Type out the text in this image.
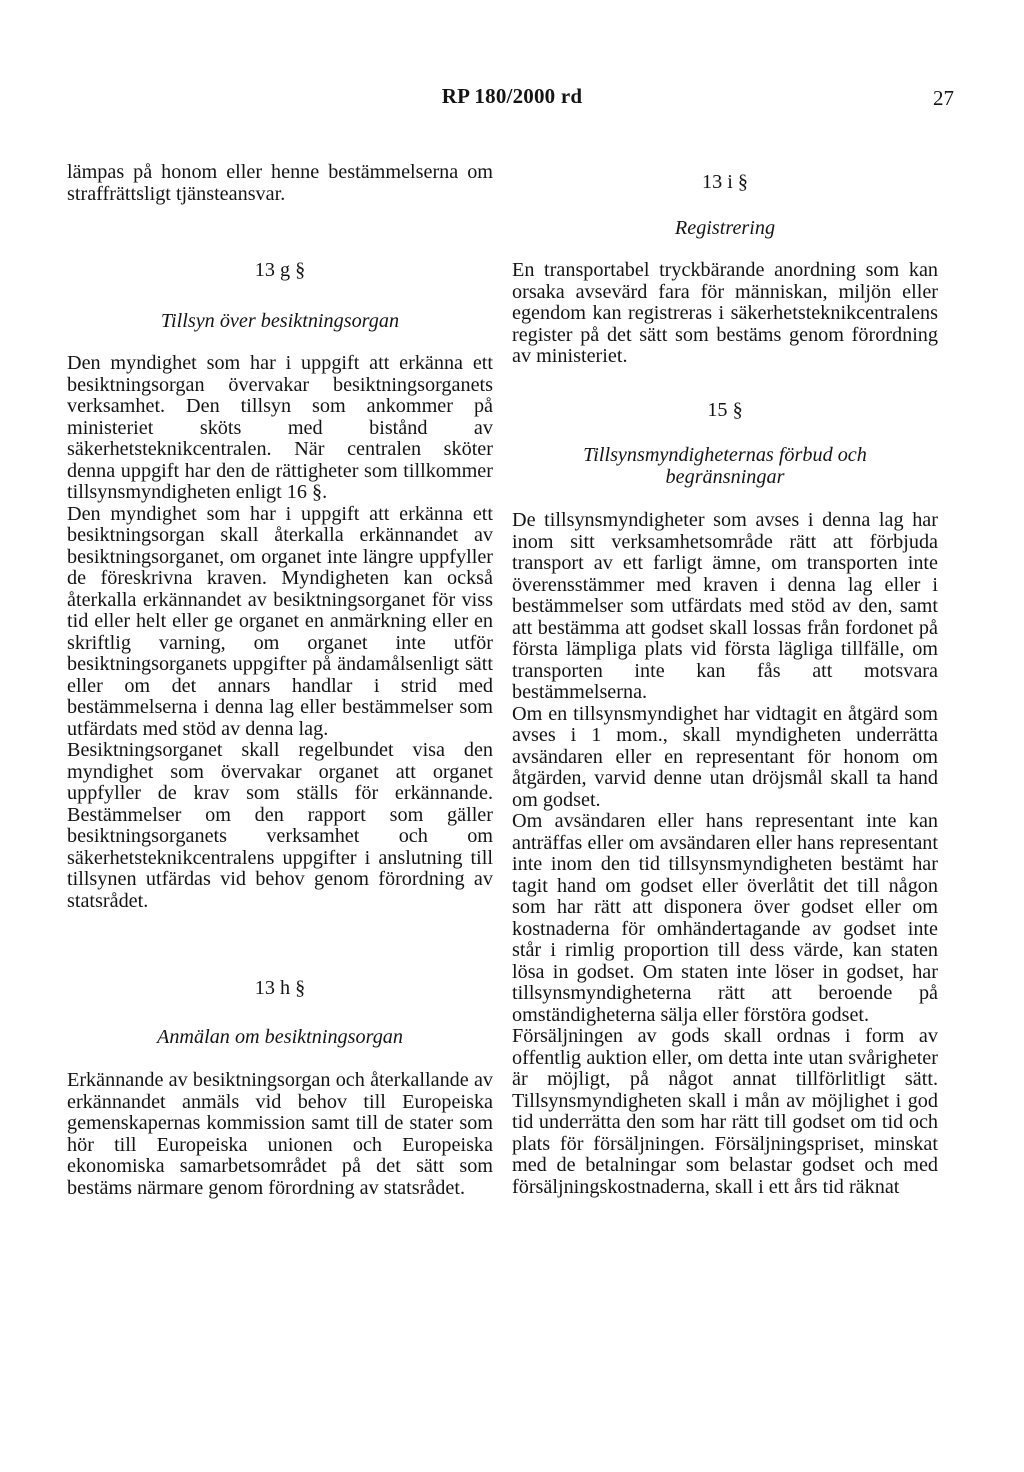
RP 180/2000 rd	27

lämpas på honom eller henne bestämmelserna om straffrättsligt tjänsteansvar.

13 g §

Tillsyn över besiktningsorgan

Den myndighet som har i uppgift att erkänna ett besiktningsorgan övervakar besiktningsorganets verksamhet. Den tillsyn som ankommer på ministeriet sköts med bistånd av säkerhetsteknikcentralen. När centralen sköter denna uppgift har den de rättigheter som tillkommer tillsynsmyndigheten enligt 16 §.

Den myndighet som har i uppgift att erkänna ett besiktningsorgan skall återkalla erkännandet av besiktningsorganet, om organet inte längre uppfyller de föreskrivna kraven. Myndigheten kan också återkalla erkännandet av besiktningsorganet för viss tid eller helt eller ge organet en anmärkning eller en skriftlig varning, om organet inte utför besiktningsorganets uppgifter på ändamålsenligt sätt eller om det annars handlar i strid med bestämmelserna i denna lag eller bestämmelser som utfärdats med stöd av denna lag.

Besiktningsorganet skall regelbundet visa den myndighet som övervakar organet att organet uppfyller de krav som ställs för erkännande. Bestämmelser om den rapport som gäller besiktningsorganets verksamhet och om säkerhetsteknikcentralens uppgifter i anslutning till tillsynen utfärdas vid behov genom förordning av statsrådet.

13 h §

Anmälan om besiktningsorgan

Erkännande av besiktningsorgan och återkallande av erkännandet anmäls vid behov till Europeiska gemenskapernas kommission samt till de stater som hör till Europeiska unionen och Europeiska ekonomiska samarbetsområdet på det sätt som bestäms närmare genom förordning av statsrådet.

13 i §

Registrering

En transportabel tryckbärande anordning som kan orsaka avsevärd fara för människan, miljön eller egendom kan registreras i säkerhetsteknikcentralens register på det sätt som bestäms genom förordning av ministeriet.

15 §

Tillsynsmyndigheternas förbud och begränsningar

De tillsynsmyndigheter som avses i denna lag har inom sitt verksamhetsområde rätt att förbjuda transport av ett farligt ämne, om transporten inte överensstämmer med kraven i denna lag eller i bestämmelser som utfärdats med stöd av den, samt att bestämma att godset skall lossas från fordonet på första lämpliga plats vid första lägliga tillfälle, om transporten inte kan fås att motsvara bestämmelserna.

Om en tillsynsmyndighet har vidtagit en åtgärd som avses i 1 mom., skall myndigheten underrätta avsändaren eller en representant för honom om åtgärden, varvid denne utan dröjsmål skall ta hand om godset.

Om avsändaren eller hans representant inte kan anträffas eller om avsändaren eller hans representant inte inom den tid tillsynsmyndigheten bestämt har tagit hand om godset eller överlåtit det till någon som har rätt att disponera över godset eller om kostnaderna för omhändertagande av godset inte står i rimlig proportion till dess värde, kan staten lösa in godset. Om staten inte löser in godset, har tillsynsmyndigheterna rätt att beroende på omständigheterna sälja eller förstöra godset.

Försäljningen av gods skall ordnas i form av offentlig auktion eller, om detta inte utan svårigheter är möjligt, på något annat tillförlitligt sätt. Tillsynsmyndigheten skall i mån av möjlighet i god tid underrätta den som har rätt till godset om tid och plats för försäljningen. Försäljningspriset, minskat med de betalningar som belastar godset och med försäljningskostnaderna, skall i ett års tid räknat
